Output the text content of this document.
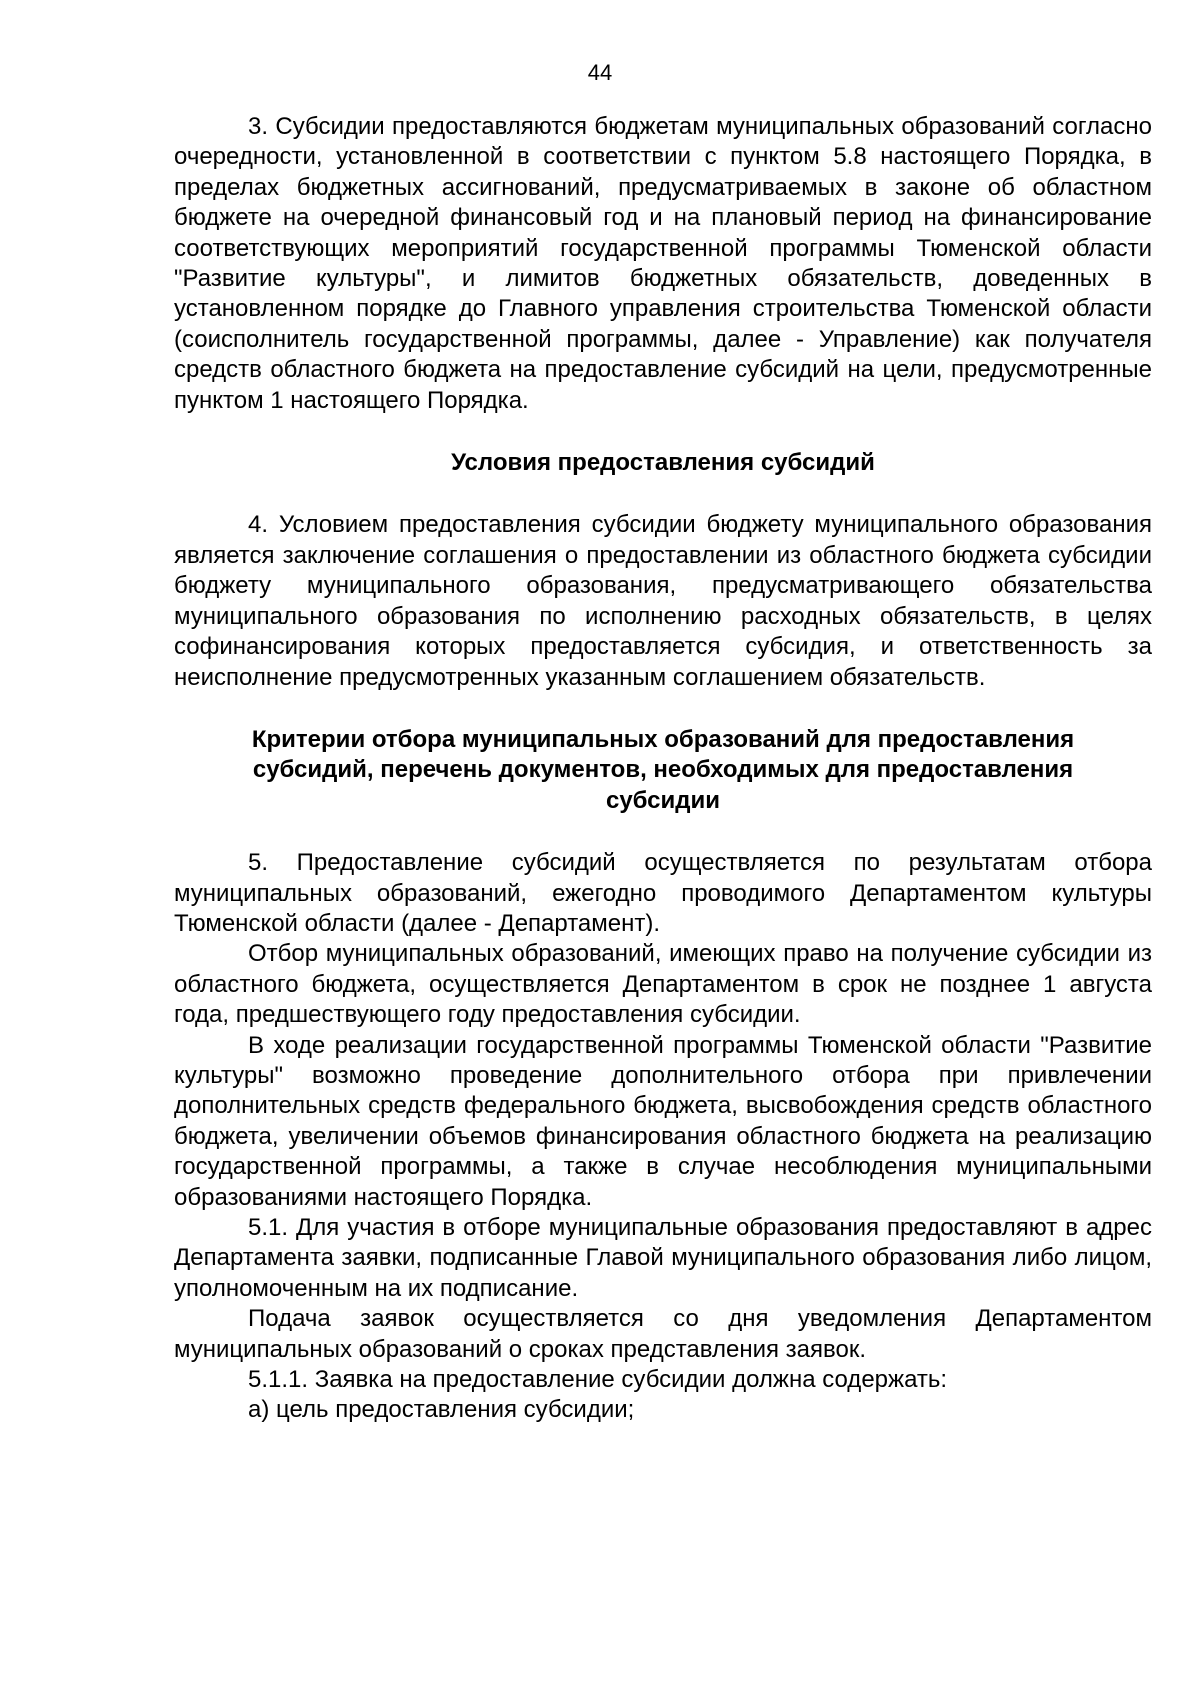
44

3. Субсидии предоставляются бюджетам муниципальных образований согласно очередности, установленной в соответствии с пунктом 5.8 настоящего Порядка, в пределах бюджетных ассигнований, предусматриваемых в законе об областном бюджете на очередной финансовый год и на плановый период на финансирование соответствующих мероприятий государственной программы Тюменской области "Развитие культуры", и лимитов бюджетных обязательств, доведенных в установленном порядке до Главного управления строительства Тюменской области (соисполнитель государственной программы, далее - Управление) как получателя средств областного бюджета на предоставление субсидий на цели, предусмотренные пунктом 1 настоящего Порядка.

Условия предоставления субсидий

4. Условием предоставления субсидии бюджету муниципального образования является заключение соглашения о предоставлении из областного бюджета субсидии бюджету муниципального образования, предусматривающего обязательства муниципального образования по исполнению расходных обязательств, в целях софинансирования которых предоставляется субсидия, и ответственность за неисполнение предусмотренных указанным соглашением обязательств.

Критерии отбора муниципальных образований для предоставления

субсидий, перечень документов, необходимых для предоставления

субсидии

5. Предоставление субсидий осуществляется по результатам отбора муниципальных образований, ежегодно проводимого Департаментом культуры Тюменской области (далее - Департамент).

Отбор муниципальных образований, имеющих право на получение субсидии из областного бюджета, осуществляется Департаментом в срок не позднее 1 августа года, предшествующего году предоставления субсидии.

В ходе реализации государственной программы Тюменской области "Развитие культуры" возможно проведение дополнительного отбора при привлечении дополнительных средств федерального бюджета, высвобождения средств областного бюджета, увеличении объемов финансирования областного бюджета на реализацию государственной программы, а также в случае несоблюдения муниципальными образованиями настоящего Порядка.

5.1. Для участия в отборе муниципальные образования предоставляют в адрес Департамента заявки, подписанные Главой муниципального образования либо лицом, уполномоченным на их подписание.

Подача заявок осуществляется со дня уведомления Департаментом муниципальных образований о сроках представления заявок.

5.1.1. Заявка на предоставление субсидии должна содержать:

а) цель предоставления субсидии;
